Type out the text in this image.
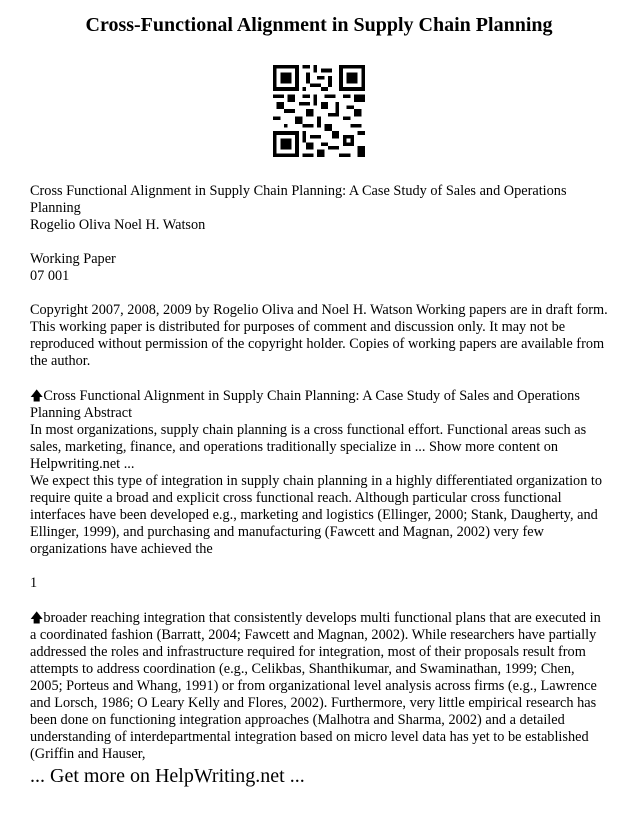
Cross-Functional Alignment in Supply Chain Planning

Cross Functional Alignment in Supply Chain Planning: A Case Study of Sales and Operations Planning

Rogelio Oliva Noel H. Watson

Working Paper

07 001

Copyright 2007, 2008, 2009 by Rogelio Oliva and Noel H. Watson Working papers are in draft form. This working paper is distributed for purposes of comment and discussion only. It may not be reproduced without permission of the copyright holder. Copies of working papers are available from the author.

🡅Cross Functional Alignment in Supply Chain Planning: A Case Study of Sales and Operations Planning Abstract

In most organizations, supply chain planning is a cross functional effort. Functional areas such as sales, marketing, finance, and operations traditionally specialize in ... Show more content on Helpwriting.net ...

We expect this type of integration in supply chain planning in a highly differentiated organization to require quite a broad and explicit cross functional reach. Although particular cross functional interfaces have been developed e.g., marketing and logistics (Ellinger, 2000; Stank, Daugherty, and Ellinger, 1999), and purchasing and manufacturing (Fawcett and Magnan, 2002) very few organizations have achieved the

1

🡅broader reaching integration that consistently develops multi functional plans that are executed in a coordinated fashion (Barratt, 2004; Fawcett and Magnan, 2002). While researchers have partially addressed the roles and infrastructure required for integration, most of their proposals result from attempts to address coordination (e.g., Celikbas, Shanthikumar, and Swaminathan, 1999; Chen, 2005; Porteus and Whang, 1991) or from organizational level analysis across firms (e.g., Lawrence and Lorsch, 1986; O Leary Kelly and Flores, 2002). Furthermore, very little empirical research has been done on functioning integration approaches (Malhotra and Sharma, 2002) and a detailed understanding of interdepartmental integration based on micro level data has yet to be established (Griffin and Hauser,

... Get more on HelpWriting.net ...
